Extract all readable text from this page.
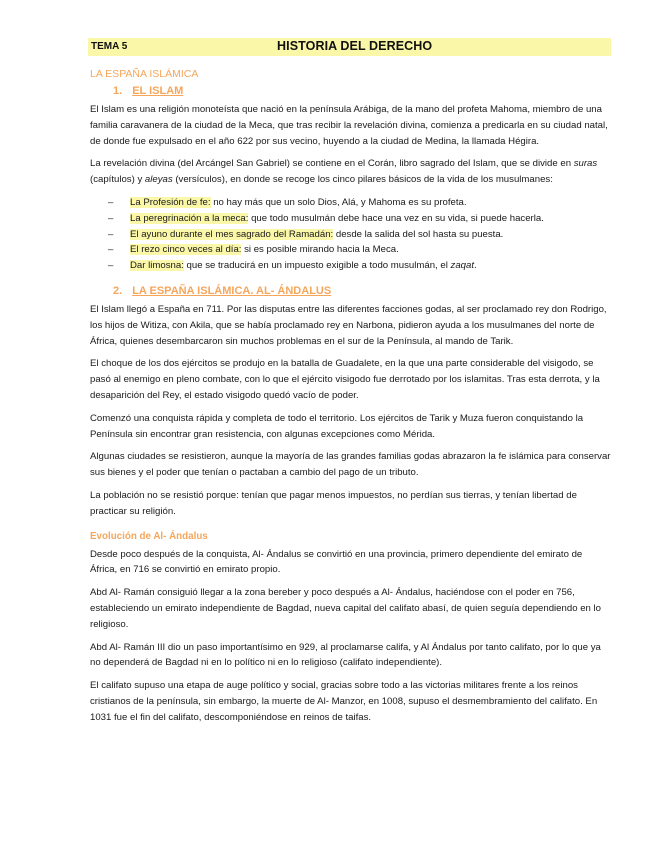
TEMA 5	HISTORIA DEL DERECHO
LA ESPAÑA ISLÁMICA
1. EL ISLAM

El Islam es una religión monoteísta que nació en la península Arábiga, de la mano del profeta Mahoma, miembro de una familia caravanera de la ciudad de la Meca, que tras recibir la revelación divina, comienza a predicarla en su ciudad natal, de donde fue expulsado en el año 622 por sus vecino, huyendo a la ciudad de Medina, la llamada Hégira.

La revelación divina (del Arcángel San Gabriel) se contiene en el Corán, libro sagrado del Islam, que se divide en suras (capítulos) y aleyas (versículos), en donde se recoge los cinco pilares básicos de la vida de los musulmanes:

– La Profesión de fe: no hay más que un solo Dios, Alá, y Mahoma es su profeta.
– La peregrinación a la meca: que todo musulmán debe hace una vez en su vida, si puede hacerla.
– El ayuno durante el mes sagrado del Ramadán: desde la salida del sol hasta su puesta.
– El rezo cinco veces al día: si es posible mirando hacia la Meca.
– Dar limosna: que se traducirá en un impuesto exigible a todo musulmán, el zaqat.
2. LA ESPAÑA ISLÁMICA. AL- ÁNDALUS

El Islam llegó a España en 711. Por las disputas entre las diferentes facciones godas, al ser proclamado rey don Rodrigo, los hijos de Witiza, con Akila, que se había proclamado rey en Narbona, pidieron ayuda a los musulmanes del norte de África, quienes desembarcaron sin muchos problemas en el sur de la Península, al mando de Tarik.

El choque de los dos ejércitos se produjo en la batalla de Guadalete, en la que una parte considerable del visigodo, se pasó al enemigo en pleno combate, con lo que el ejército visigodo fue derrotado por los islamitas. Tras esta derrota, y la desaparición del Rey, el estado visigodo quedó vacío de poder.

Comenzó una conquista rápida y completa de todo el territorio. Los ejércitos de Tarik y Muza fueron conquistando la Península sin encontrar gran resistencia, con algunas excepciones como Mérida.

Algunas ciudades se resistieron, aunque la mayoría de las grandes familias godas abrazaron la fe islámica para conservar sus bienes y el poder que tenían o pactaban a cambio del pago de un tributo.

La población no se resistió porque: tenían que pagar menos impuestos, no perdían sus tierras, y tenían libertad de practicar su religión.

Evolución de Al- Ándalus

Desde poco después de la conquista, Al- Ándalus se convirtió en una provincia, primero dependiente del emirato de África, en 716 se convirtió en emirato propio.

Abd Al- Ramán consiguió llegar a la zona bereber y poco después a Al- Ándalus, haciéndose con el poder en 756, estableciendo un emirato independiente de Bagdad, nueva capital del califato abasí, de quien seguía dependiendo en lo religioso.

Abd Al- Ramán III dio un paso importantísimo en 929, al proclamarse califa, y Al Ándalus por tanto califato, por lo que ya no dependerá de Bagdad ni en lo político ni en lo religioso (califato independiente).

El califato supuso una etapa de auge político y social, gracias sobre todo a las victorias militares frente a los reinos cristianos de la península, sin embargo, la muerte de Al- Manzor, en 1008, supuso el desmembramiento del califato. En 1031 fue el fin del califato, descomponiéndose en reinos de taifas.
